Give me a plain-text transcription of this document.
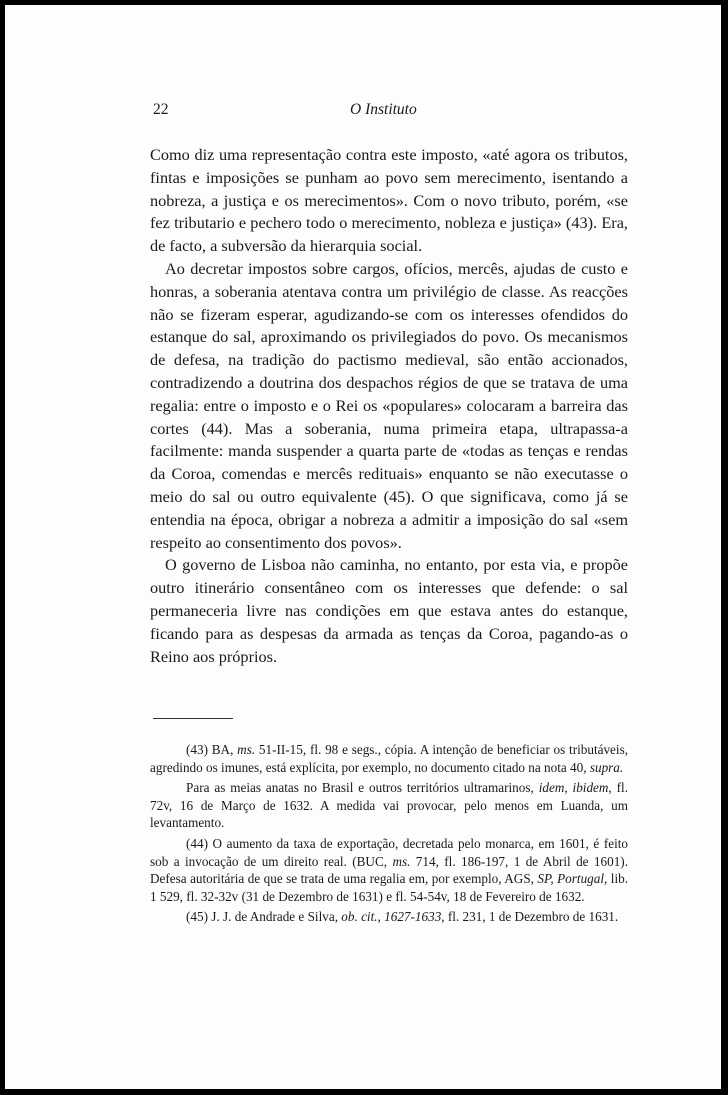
22	O Instituto

Como diz uma representação contra este imposto, «até agora os tributos, fintas e imposições se punham ao povo sem merecimento, isentando a nobreza, a justiça e os merecimentos». Com o novo tributo, porém, «se fez tributario e pechero todo o merecimento, nobleza e justiça» (43). Era, de facto, a subversão da hierarquia social.

Ao decretar impostos sobre cargos, ofícios, mercês, ajudas de custo e honras, a soberania atentava contra um privilégio de classe. As reacções não se fizeram esperar, agudizando-se com os interesses ofendidos do estanque do sal, aproximando os privilegiados do povo. Os mecanismos de defesa, na tradição do pactismo medieval, são então accionados, contradizendo a doutrina dos despachos régios de que se tratava de uma regalia: entre o imposto e o Rei os «populares» colocaram a barreira das cortes (44). Mas a soberania, numa primeira etapa, ultrapassa-a facilmente: manda suspender a quarta parte de «todas as tenças e rendas da Coroa, comendas e mercês redituais» enquanto se não executasse o meio do sal ou outro equivalente (45). O que significava, como já se entendia na época, obrigar a nobreza a admitir a imposição do sal «sem respeito ao consentimento dos povos».

O governo de Lisboa não caminha, no entanto, por esta via, e propõe outro itinerário consentâneo com os interesses que defende: o sal permaneceria livre nas condições em que estava antes do estanque, ficando para as despesas da armada as tenças da Coroa, pagando-as o Reino aos próprios.

(43) BA, ms. 51-II-15, fl. 98 e segs., cópia. A intenção de beneficiar os tributáveis, agredindo os imunes, está explícita, por exemplo, no documento citado na nota 40, supra.

Para as meias anatas no Brasil e outros territórios ultramarinos, idem, ibidem, fl. 72v, 16 de Março de 1632. A medida vai provocar, pelo menos em Luanda, um levantamento.

(44) O aumento da taxa de exportação, decretada pelo monarca, em 1601, é feito sob a invocação de um direito real. (BUC, ms. 714, fl. 186-197, 1 de Abril de 1601). Defesa autoritária de que se trata de uma regalia em, por exemplo, AGS, SP, Portugal, lib. 1 529, fl. 32-32v (31 de Dezembro de 1631) e fl. 54-54v, 18 de Fevereiro de 1632.

(45) J. J. de Andrade e Silva, ob. cit., 1627-1633, fl. 231, 1 de Dezembro de 1631.
